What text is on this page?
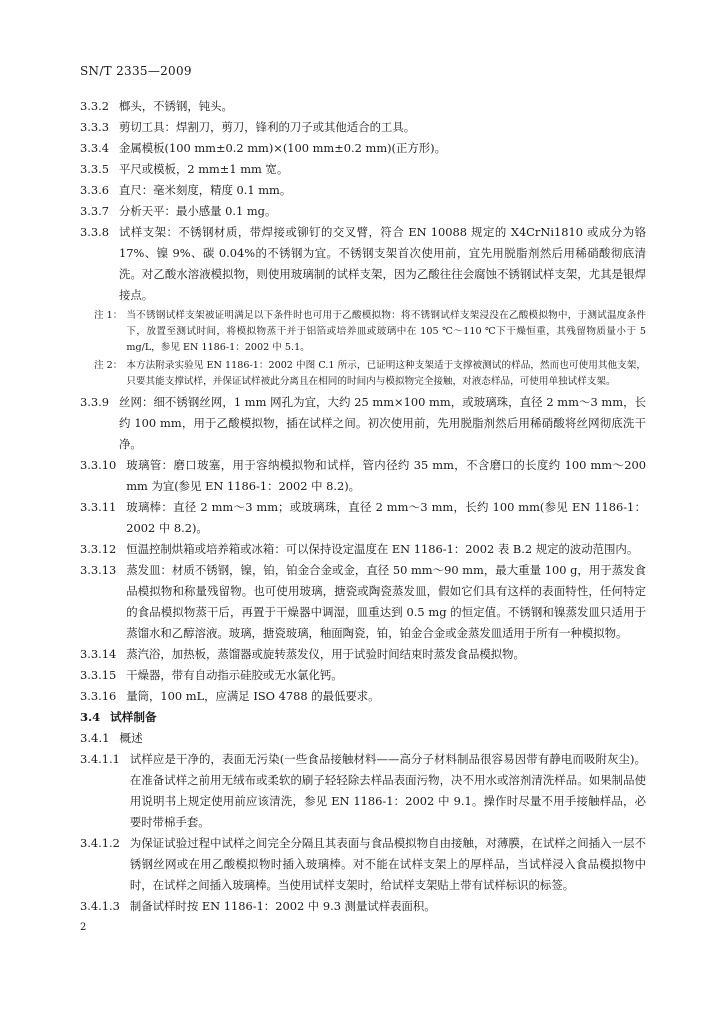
SN/T 2335—2009
3.3.2 榔头，不锈钢，钝头。
3.3.3 剪切工具：焊割刀，剪刀，锋利的刀子或其他适合的工具。
3.3.4 金属模板(100 mm±0.2 mm)×(100 mm±0.2 mm)(正方形)。
3.3.5 平尺或模板，2 mm±1 mm 宽。
3.3.6 直尺：毫米刻度，精度 0.1 mm。
3.3.7 分析天平：最小感量 0.1 mg。
3.3.8 试样支架：不锈钢材质，带焊接或铆钉的交叉臂，符合 EN 10088 规定的 X4CrNi1810 或成分为铬 17%、镍 9%、碳 0.04%的不锈钢为宜。不锈钢支架首次使用前，宜先用脱脂剂然后用稀硝酸彻底清洗。对乙酸水溶液模拟物，则使用玻璃制的试样支架，因为乙酸往往会腐蚀不锈钢试样支架，尤其是银焊接点。
注 1： 当不锈钢试样支架被证明满足以下条件时也可用于乙酸模拟物：将不锈钢试样支架浸没在乙酸模拟物中，于测试温度条件下，放置至测试时间，将模拟物蒸干并于铝箔或培养皿或玻璃中在 105 ℃～110 ℃下干燥恒重，其残留物质量小于 5 mg/L，参见 EN 1186-1：2002 中 5.1。
注 2： 本方法附录实验见 EN 1186-1：2002 中图 C.1 所示，已证明这种支架适于支撑被测试的样品，然而也可使用其他支架，只要其能支撑试样，并保证试样被此分离且在相同的时间内与模拟物完全接触，对液态样品，可使用单独试样支架。
3.3.9 丝网：细不锈钢丝网，1 mm 网孔为宜，大约 25 mm×100 mm，或玻璃珠，直径 2 mm～3 mm，长约 100 mm，用于乙酸模拟物，插在试样之间。初次使用前，先用脱脂剂然后用稀硝酸将丝网彻底洗干净。
3.3.10 玻璃管：磨口玻塞，用于容纳模拟物和试样，管内径约 35 mm，不含磨口的长度约 100 mm～200 mm 为宜(参见 EN 1186-1：2002 中 8.2)。
3.3.11 玻璃棒：直径 2 mm～3 mm；或玻璃珠，直径 2 mm～3 mm，长约 100 mm(参见 EN 1186-1：2002 中 8.2)。
3.3.12 恒温控制烘箱或培养箱或冰箱：可以保持设定温度在 EN 1186-1：2002 表 B.2 规定的波动范围内。
3.3.13 蒸发皿：材质不锈钢，镍，铂，铂金合金或金，直径 50 mm～90 mm，最大重量 100 g，用于蒸发食品模拟物和称量残留物。也可使用玻璃，搪瓷或陶瓷蒸发皿，假如它们具有这样的表面特性，任何特定的食品模拟物蒸干后，再置于干燥器中调湿，皿重达到 0.5 mg 的恒定值。不锈钢和镍蒸发皿只适用于蒸馏水和乙醇溶液。玻璃，搪瓷玻璃，釉面陶瓷，铂，铂金合金或金蒸发皿适用于所有一种模拟物。
3.3.14 蒸汽浴，加热板，蒸馏器或旋转蒸发仪，用于试验时间结束时蒸发食品模拟物。
3.3.15 干燥器，带有自动指示硅胶或无水氯化钙。
3.3.16 量筒，100 mL，应满足 ISO 4788 的最低要求。
3.4 试样制备
3.4.1 概述
3.4.1.1 试样应是干净的，表面无污染(一些食品接触材料——高分子材料制品很容易因带有静电而吸附灰尘)。在准备试样之前用无绒布或柔软的刷子轻轻除去样品表面污物，决不用水或溶剂清洗样品。如果制品使用说明书上规定使用前应该清洗，参见 EN 1186-1：2002 中 9.1。操作时尽量不用手接触样品，必要时带棉手套。
3.4.1.2 为保证试验过程中试样之间完全分隔且其表面与食品模拟物自由接触，对薄膜，在试样之间插入一层不锈钢丝网或在用乙酸模拟物时插入玻璃棒。对不能在试样支架上的厚样品，当试样浸入食品模拟物中时，在试样之间插入玻璃棒。当使用试样支架时，给试样支架贴上带有试样标识的标签。
3.4.1.3 制备试样时按 EN 1186-1：2002 中 9.3 测量试样表面积。
2
